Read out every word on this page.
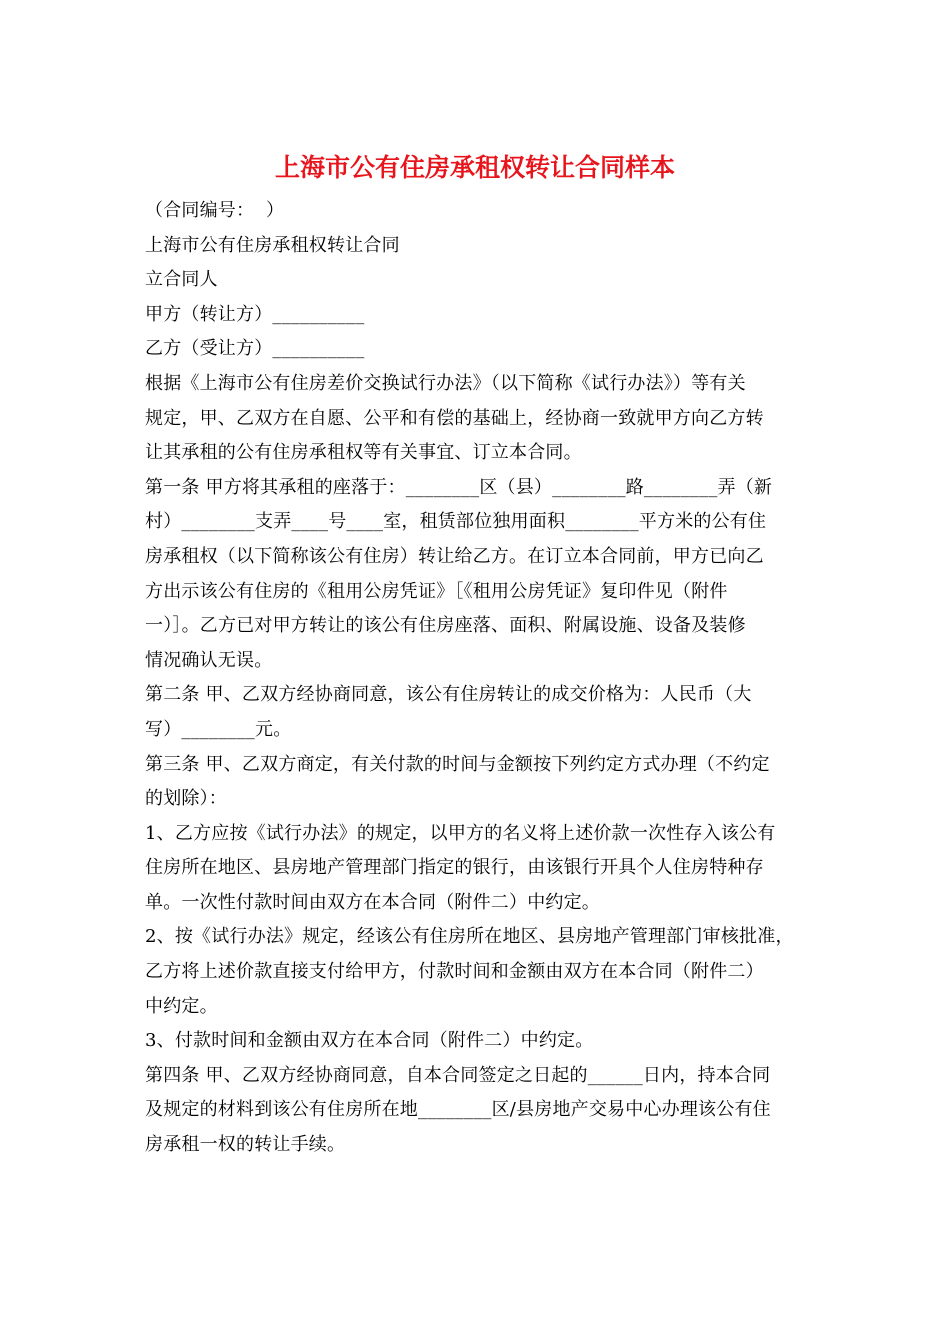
上海市公有住房承租权转让合同样本
（合同编号：  ）
上海市公有住房承租权转让合同
立合同人
甲方（转让方）__________
乙方（受让方）__________
根据《上海市公有住房差价交换试行办法》（以下简称《试行办法》）等有关
规定，甲、乙双方在自愿、公平和有偿的基础上，经协商一致就甲方向乙方转
让其承租的公有住房承租权等有关事宜、订立本合同。
第一条 甲方将其承租的座落于：________区（县）________路________弄（新
村）________支弄____号____室，租赁部位独用面积________平方米的公有住
房承租权（以下简称该公有住房）转让给乙方。在订立本合同前，甲方已向乙
方出示该公有住房的《租用公房凭证》［《租用公房凭证》复印件见（附件
一）］。乙方已对甲方转让的该公有住房座落、面积、附属设施、设备及装修
情况确认无误。
第二条 甲、乙双方经协商同意，该公有住房转让的成交价格为：人民币（大
写）________元。
第三条 甲、乙双方商定，有关付款的时间与金额按下列约定方式办理（不约定
的划除）：
1、乙方应按《试行办法》的规定，以甲方的名义将上述价款一次性存入该公有
住房所在地区、县房地产管理部门指定的银行，由该银行开具个人住房特种存
单。一次性付款时间由双方在本合同（附件二）中约定。
2、按《试行办法》规定，经该公有住房所在地区、县房地产管理部门审核批准，
乙方将上述价款直接支付给甲方，付款时间和金额由双方在本合同（附件二）
中约定。
3、付款时间和金额由双方在本合同（附件二）中约定。
第四条 甲、乙双方经协商同意，自本合同签定之日起的______日内，持本合同
及规定的材料到该公有住房所在地________区/县房地产交易中心办理该公有住
房承租一权的转让手续。
